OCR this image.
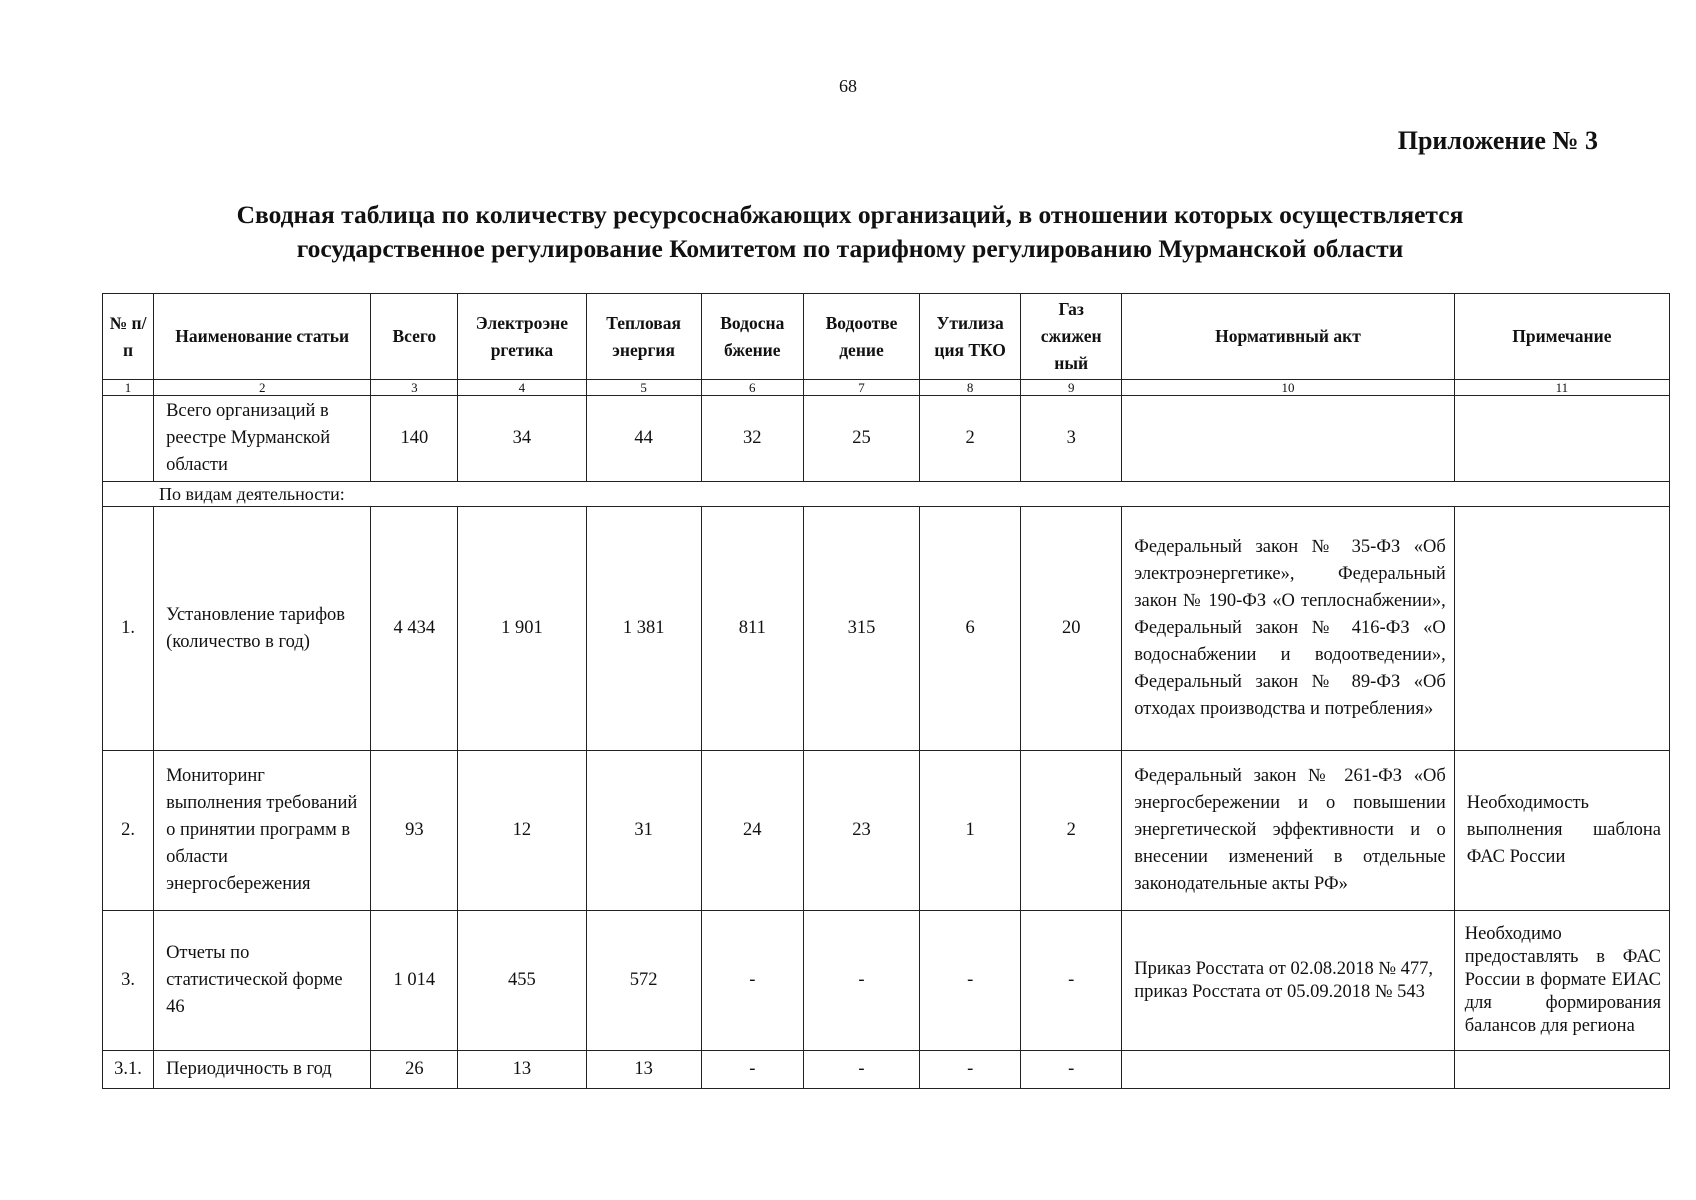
68
Приложение № 3
Сводная таблица по количеству ресурсоснабжающих организаций, в отношении которых осуществляется
государственное регулирование Комитетом по тарифному регулированию Мурманской области
№ п/п	Наименование статьи	Всего	Электроэне ргетика	Тепловая энергия	Водосна бжение	Водоотве дение	Утилиза ция ТКО	Газ сжижен ный	Нормативный акт	Примечание
1	2	3	4	5	6	7	8	9	10	11
	Всего организаций в реестре Мурманской области	140	34	44	32	25	2	3		
По видам деятельности:										
1.	Установление тарифов (количество в год)	4 434	1 901	1 381	811	315	6	20	Федеральный закон № 35-ФЗ «Об электроэнергетике», Федеральный закон № 190-ФЗ «О теплоснабжении», Федеральный закон № 416-ФЗ «О водоснабжении и водоотведении», Федеральный закон № 89-ФЗ «Об отходах производства и потребления»	
2.	Мониторинг выполнения требований о принятии программ в области энергосбережения	93	12	31	24	23	1	2	Федеральный закон № 261-ФЗ «Об энергосбережении и о повышении энергетической эффективности и о внесении изменений в отдельные законодательные акты РФ»	Необходимость выполнения шаблона ФАС России
3.	Отчеты по статистической форме 46	1 014	455	572	-	-	-	-	Приказ Росстата от 02.08.2018 № 477, приказ Росстата от 05.09.2018 № 543	Необходимо предоставлять в ФАС России в формате ЕИАС для формирования балансов для региона
3.1.	Периодичность в год	26	13	13	-	-	-	-		
